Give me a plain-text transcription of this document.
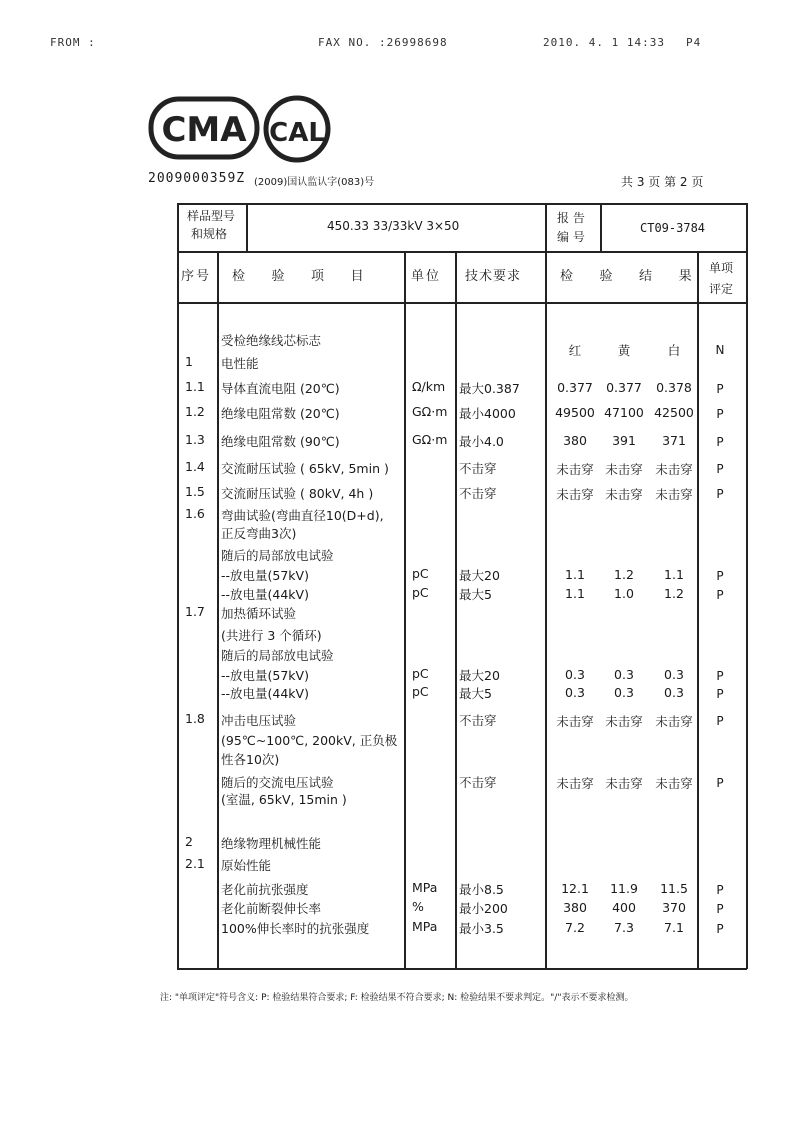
FROM :	FAX NO. :26998698	2010. 4. 1 14:33 P4
CMA CAL
2009000359Z (2009)国认监认字(083)号	共 3 页 第 2 页
样品型号
和规格
450.33 33/33kV 3×50
报 告
编 号
CT09-3784
序号 检    验    项    目	单位 技术要求	检    验    结    果
单项
评定
受检绝缘线芯标志
红	黄	白	N
1 电性能
1.1 导体直流电阻 (20℃)	Ω/km 最大0.387	0.377	0.377	0.378	P
1.2 绝缘电阻常数 (20℃)	GΩ·m 最小4000	49500 47100 42500	P
1.3 绝缘电阻常数 (90℃)	GΩ·m 最小4.0	380	391	371	P
1.4 交流耐压试验 ( 65kV, 5min )	不击穿	未击穿 未击穿 未击穿	P
1.5 交流耐压试验 ( 80kV, 4h )	不击穿	未击穿 未击穿 未击穿	P
1.6 弯曲试验(弯曲直径10(D+d),
正反弯曲3次)
随后的局部放电试验
--放电量(57kV)	pC 最大20	1.1	1.2	1.1	P
--放电量(44kV)	pC 最大5	1.1	1.0	1.2	P
1.7 加热循环试验
(共进行 3 个循环)
随后的局部放电试验
--放电量(57kV)	pC 最大20	0.3	0.3	0.3	P
--放电量(44kV)	pC 最大5	0.3	0.3	0.3	P
1.8 冲击电压试验	不击穿	未击穿 未击穿 未击穿	P
(95℃~100℃, 200kV, 正负极
性各10次)
随后的交流电压试验	不击穿	未击穿 未击穿 未击穿	P
(室温, 65kV, 15min )
2 绝缘物理机械性能
2.1 原始性能
老化前抗张强度	MPa 最小8.5	12.1	11.9	11.5	P
老化前断裂伸长率	%	最小200	380	400	370	P
100%伸长率时的抗张强度	MPa 最小3.5	7.2	7.3	7.1	P
注: "单项评定"符号含义: P: 检验结果符合要求; F: 检验结果不符合要求; N: 检验结果不要求判定。"/"表示不要求检测。
